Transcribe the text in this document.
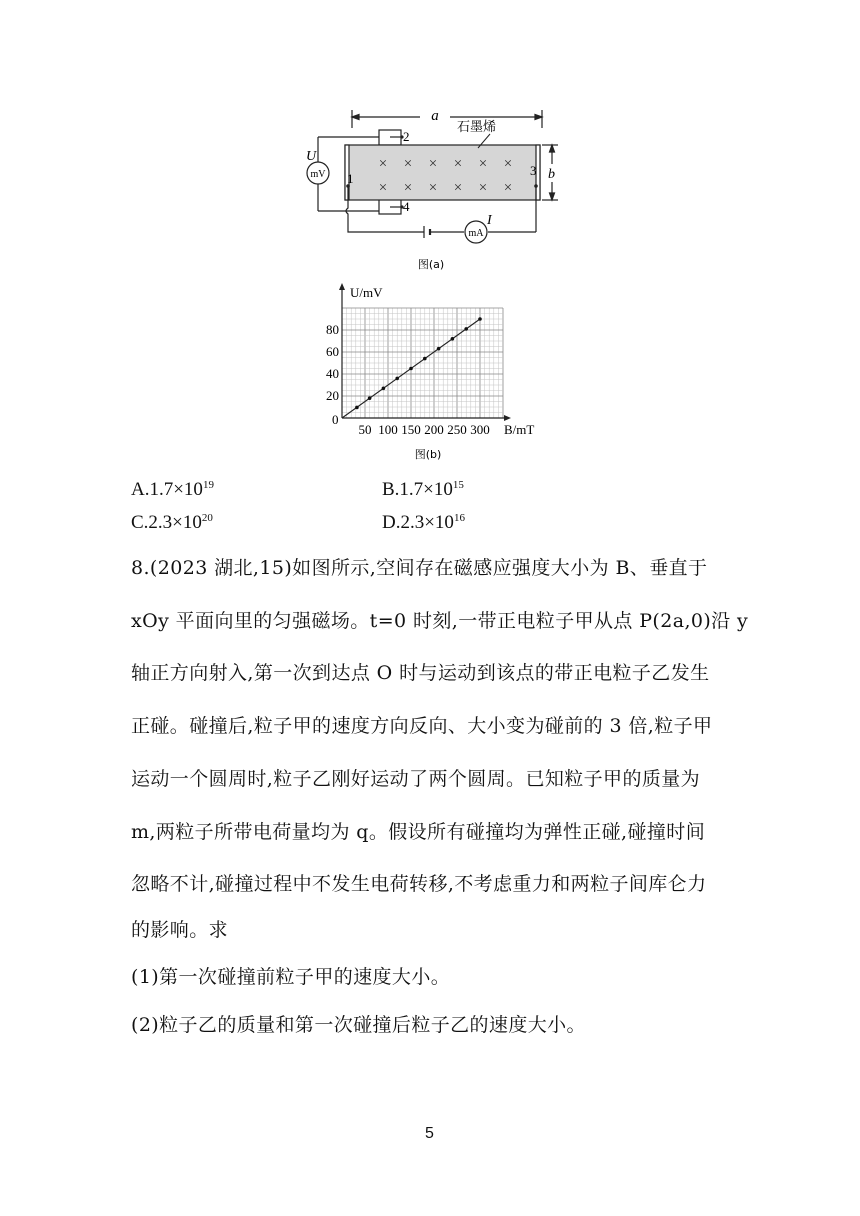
× × × × × ×
× × × × × ×
a
石墨烯
U
mV
mA
I
1
2
3
4
b
图(a)
50 100 150 200 250 300
20
40
60
80
U/mV
B/mT
0
图(b)
$A.1.7\times 10^{19}$	$B.1.7\times 10^{15}$
$C.2.3\times 10^{20}$	$D.2.3\times 10^{16}$
8.(2023 湖北,15)如图所示,空间存在磁感应强度大小为 B、垂直于
xOy 平面向里的匀强磁场。t=0 时刻,一带正电粒子甲从点 P(2a,0)沿 y
轴正方向射入,第一次到达点 O 时与运动到该点的带正电粒子乙发生
正碰。碰撞后,粒子甲的速度方向反向、大小变为碰前的 3 倍,粒子甲
运动一个圆周时,粒子乙刚好运动了两个圆周。已知粒子甲的质量为
m,两粒子所带电荷量均为 q。假设所有碰撞均为弹性正碰,碰撞时间
忽略不计,碰撞过程中不发生电荷转移,不考虑重力和两粒子间库仑力
的影响。求
(1)第一次碰撞前粒子甲的速度大小。
(2)粒子乙的质量和第一次碰撞后粒子乙的速度大小。
5
